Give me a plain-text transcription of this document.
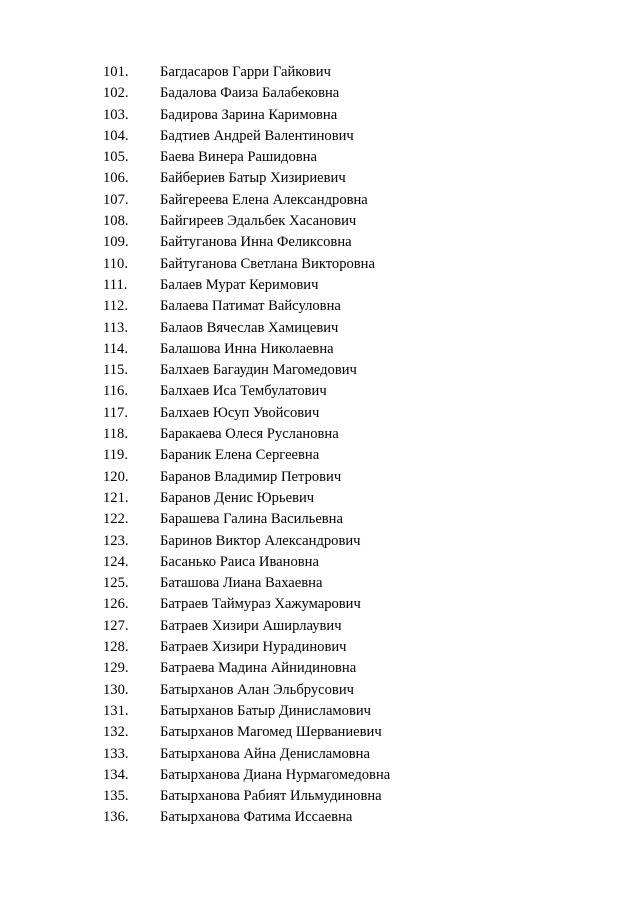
101. Багдасаров Гарри Гайкович
102. Бадалова Фаиза Балабековна
103. Бадирова Зарина Каримовна
104. Бадтиев Андрей Валентинович
105. Баева Винера Рашидовна
106. Байбериев Батыр Хизириевич
107. Байгереева Елена Александровна
108. Байгиреев Эдальбек Хасанович
109. Байтуганова Инна Феликсовна
110. Байтуганова Светлана Викторовна
111. Балаев Мурат Керимович
112. Балаева Патимат Вайсуловна
113. Балаов Вячеслав Хамицевич
114. Балашова Инна Николаевна
115. Балхаев Багаудин Магомедович
116. Балхаев Иса Тембулатович
117. Балхаев Юсуп Увойсович
118. Баракаева Олеся Руслановна
119. Бараник Елена Сергеевна
120. Баранов Владимир Петрович
121. Баранов Денис Юрьевич
122. Барашева Галина Васильевна
123. Баринов Виктор Александрович
124. Басанько Раиса Ивановна
125. Баташова Лиана Вахаевна
126. Батраев Таймураз Хажумарович
127. Батраев Хизири Аширлаувич
128. Батраев Хизири Нурадинович
129. Батраева Мадина Айнидиновна
130. Батырханов Алан Эльбрусович
131. Батырханов Батыр Динисламович
132. Батырханов Магомед Шерваниевич
133. Батырханова Айна Денисламовна
134. Батырханова Диана Нурмагомедовна
135. Батырханова Рабият Ильмудиновна
136. Батырханова Фатима Иссаевна
